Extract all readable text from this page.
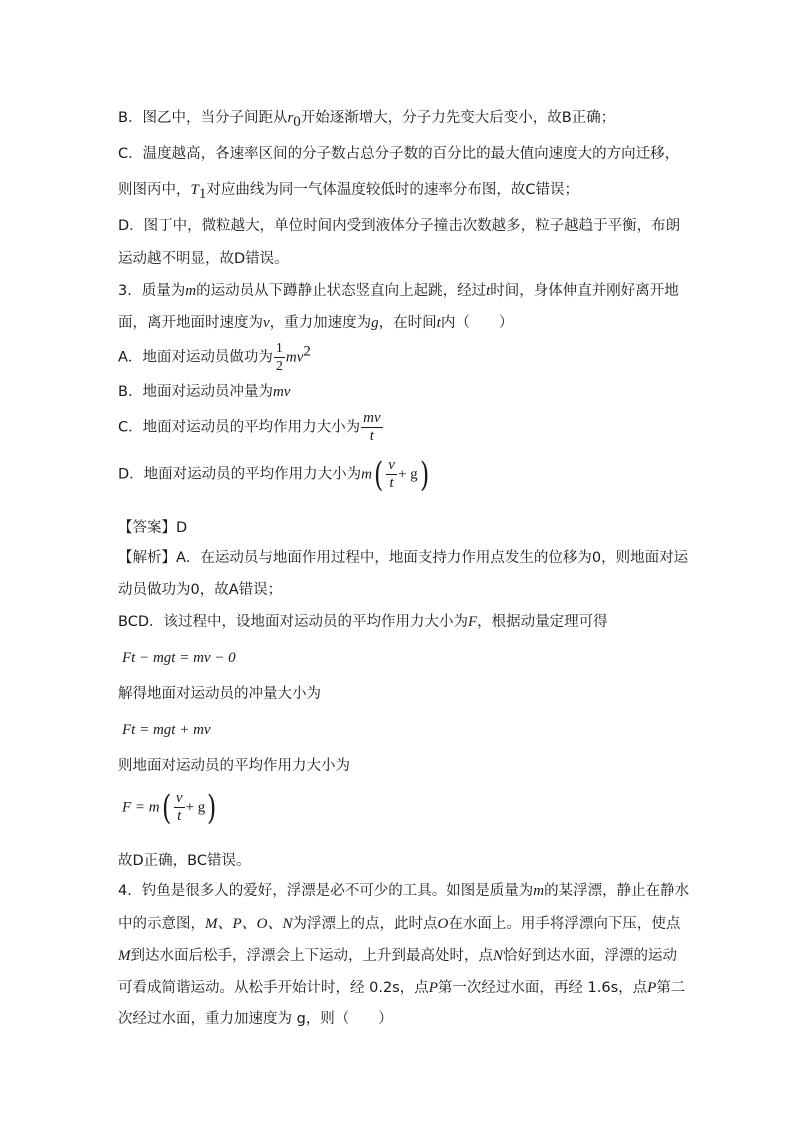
B．图乙中，当分子间距从$r_0$开始逐渐增大，分子力先变大后变小，故B正确；
C．温度越高，各速率区间的分子数占总分子数的百分比的最大值向速度大的方向迁移，
则图丙中，$T_1$对应曲线为同一气体温度较低时的速率分布图，故C错误；
D．图丁中，微粒越大，单位时间内受到液体分子撞击次数越多，粒子越趋于平衡，布朗
运动越不明显，故D错误。
3．质量为m的运动员从下蹲静止状态竖直向上起跳，经过t时间，身体伸直并刚好离开地
面，离开地面时速度为v，重力加速度为g，在时间t内（　　）
A．地面对运动员做功为 $\frac{1}{2} mv^2$
B．地面对运动员冲量为mv
C．地面对运动员的平均作用力大小为 $\frac{mv}{t}$
D．地面对运动员的平均作用力大小为$m( \frac{v}{t} + g)$
【答案】D
【解析】A．在运动员与地面作用过程中，地面支持力作用点发生的位移为0，则地面对运
动员做功为0，故A错误；
BCD．该过程中，设地面对运动员的平均作用力大小为F，根据动量定理可得
Ft − mgt = mv − 0
解得地面对运动员的冲量大小为
Ft = mgt + mv
则地面对运动员的平均作用力大小为
$F = m( \frac{v}{t} + g)$
故D正确，BC错误。
4．钓鱼是很多人的爱好，浮漂是必不可少的工具。如图是质量为m的某浮漂，静止在静水
中的示意图，M、P、O、N为浮漂上的点，此时点O在水面上。用手将浮漂向下压，使点
M到达水面后松手，浮漂会上下运动，上升到最高处时，点N恰好到达水面，浮漂的运动
可看成简谐运动。从松手开始计时，经 0.2s，点P第一次经过水面，再经 1.6s，点P第二
次经过水面，重力加速度为 g，则（　　）
